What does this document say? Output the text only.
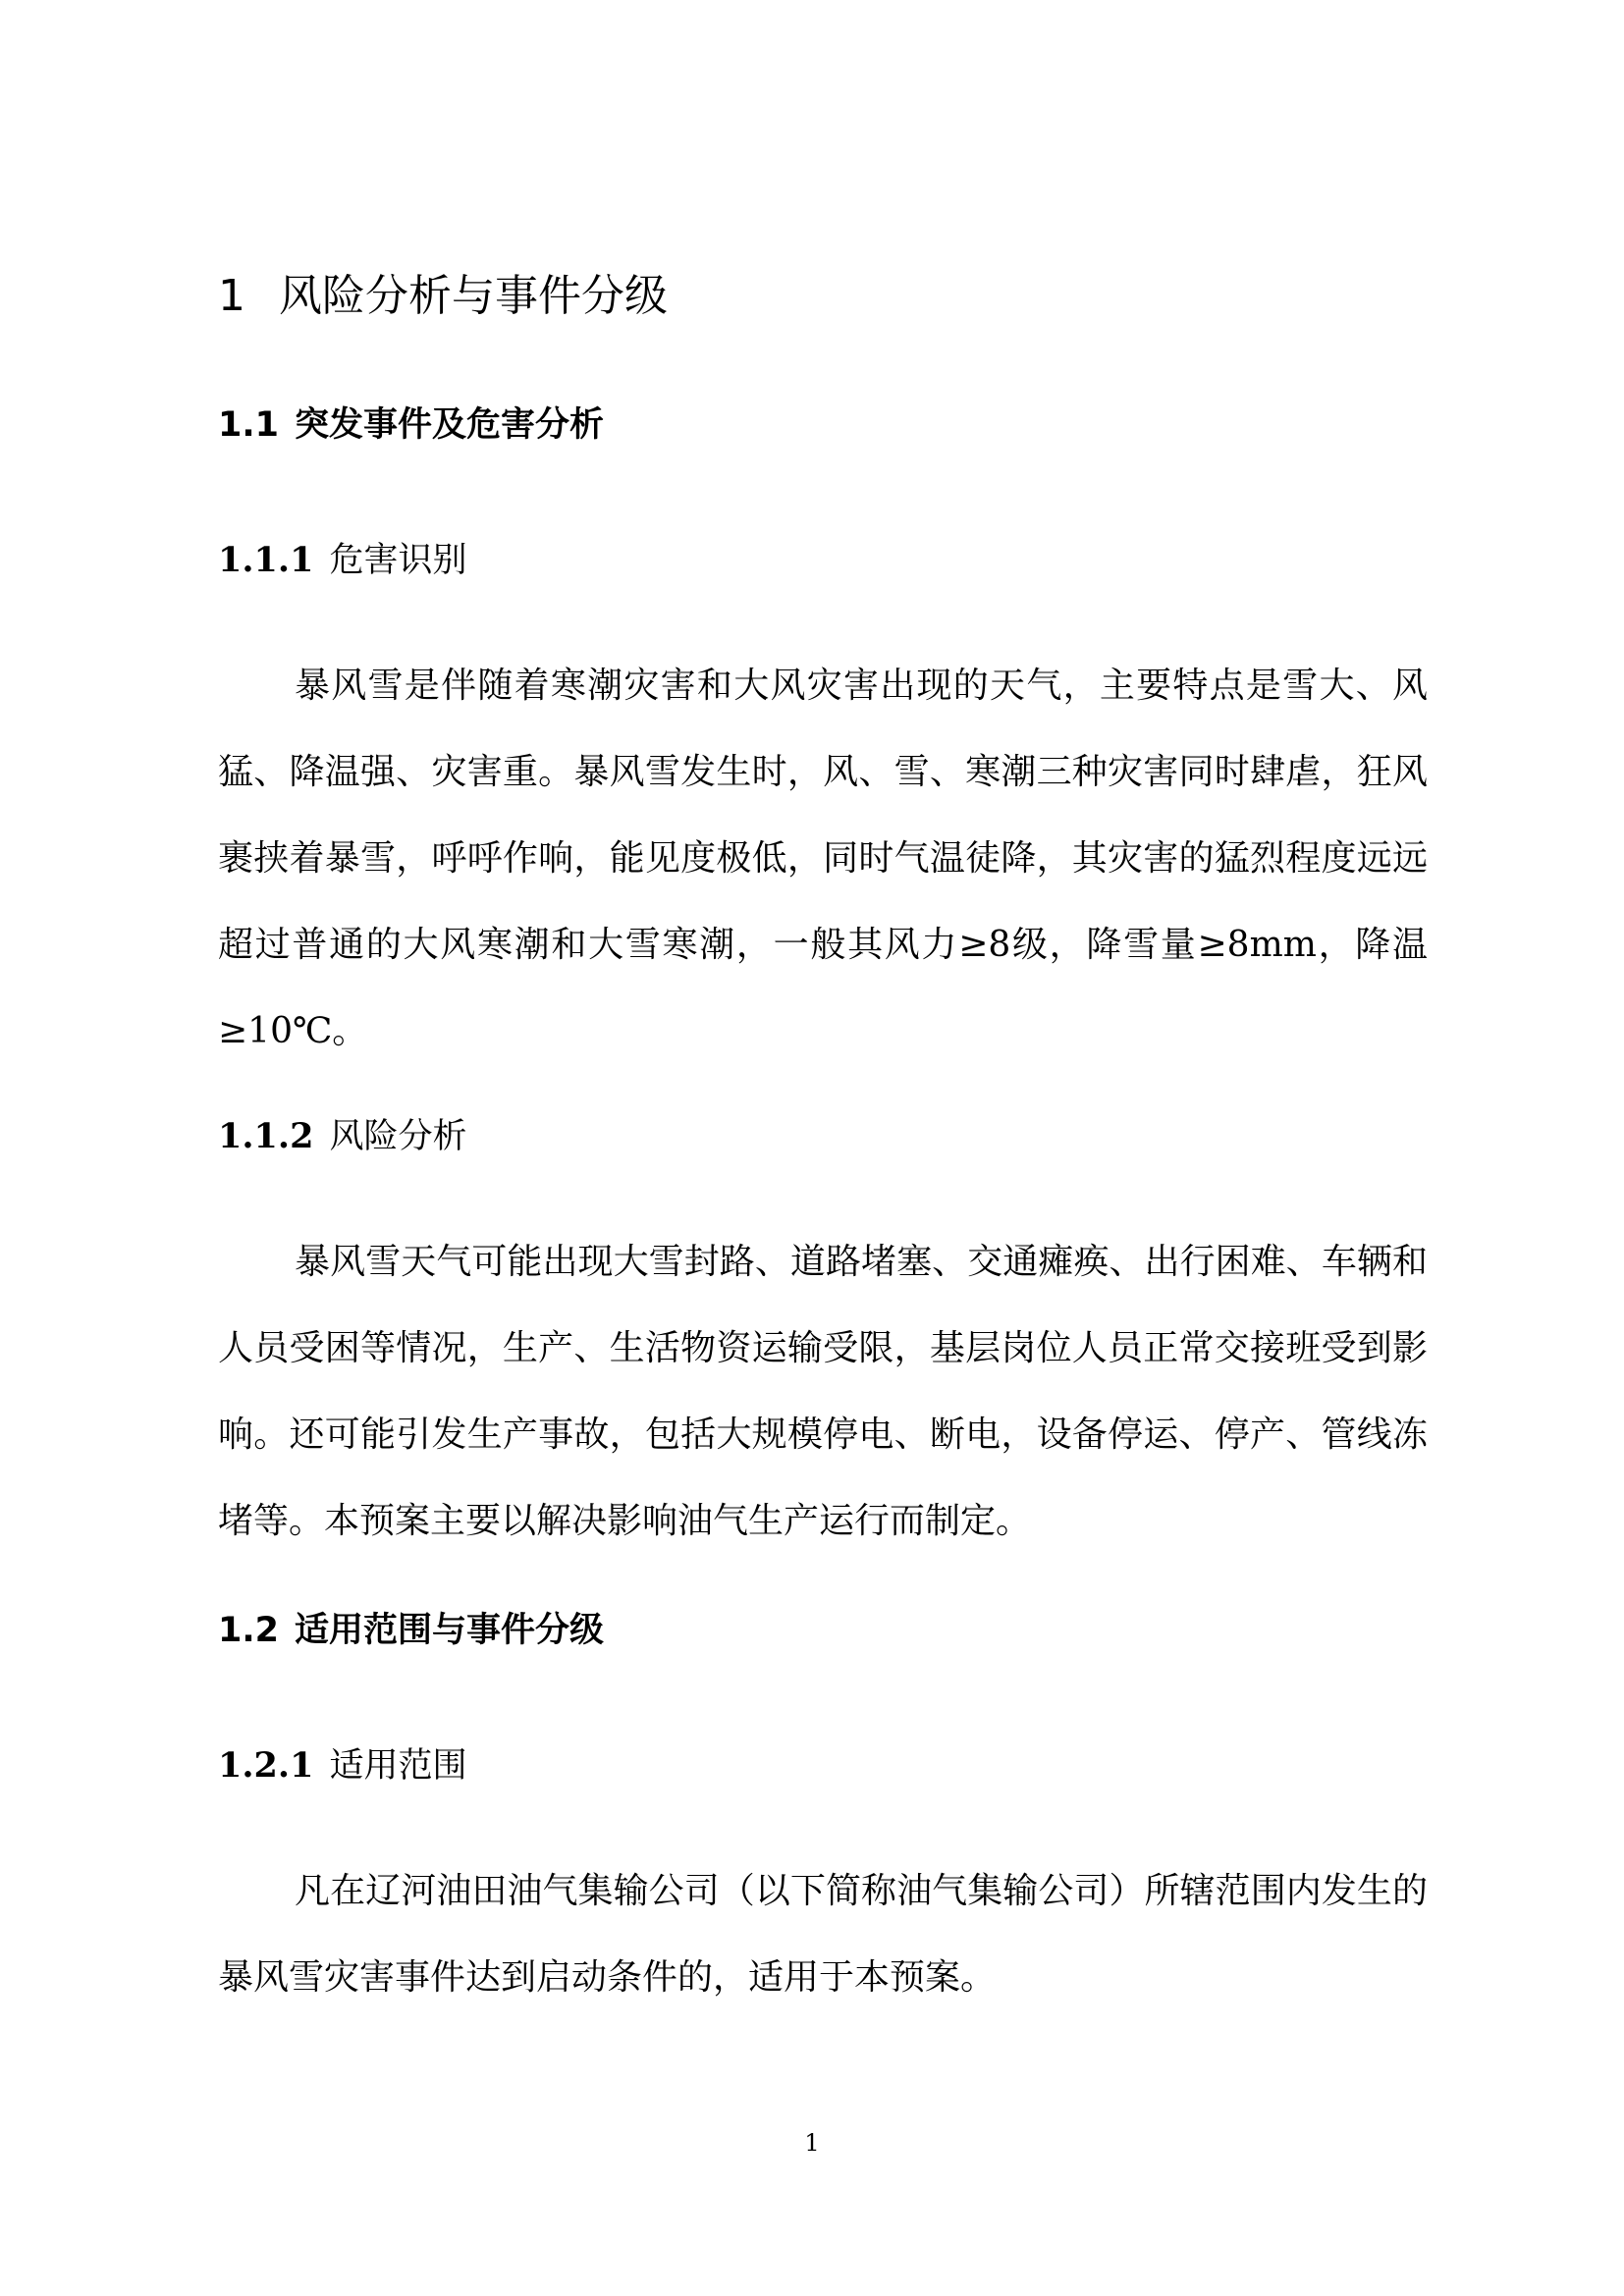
1 风险分析与事件分级
1.1 突发事件及危害分析
1.1.1 危害识别

暴风雪是伴随着寒潮灾害和大风灾害出现的天气，主要特点是雪大、风猛、降温强、灾害重。暴风雪发生时，风、雪、寒潮三种灾害同时肆虐，狂风裹挟着暴雪，呼呼作响，能见度极低，同时气温徒降，其灾害的猛烈程度远远超过普通的大风寒潮和大雪寒潮，一般其风力≥8级，降雪量≥8mm，降温≥10℃。

1.1.2 风险分析

暴风雪天气可能出现大雪封路、道路堵塞、交通瘫痪、出行困难、车辆和人员受困等情况，生产、生活物资运输受限，基层岗位人员正常交接班受到影响。还可能引发生产事故，包括大规模停电、断电，设备停运、停产、管线冻堵等。本预案主要以解决影响油气生产运行而制定。

1.2 适用范围与事件分级
1.2.1 适用范围

凡在辽河油田油气集输公司（以下简称油气集输公司）所辖范围内发生的暴风雪灾害事件达到启动条件的，适用于本预案。

1
